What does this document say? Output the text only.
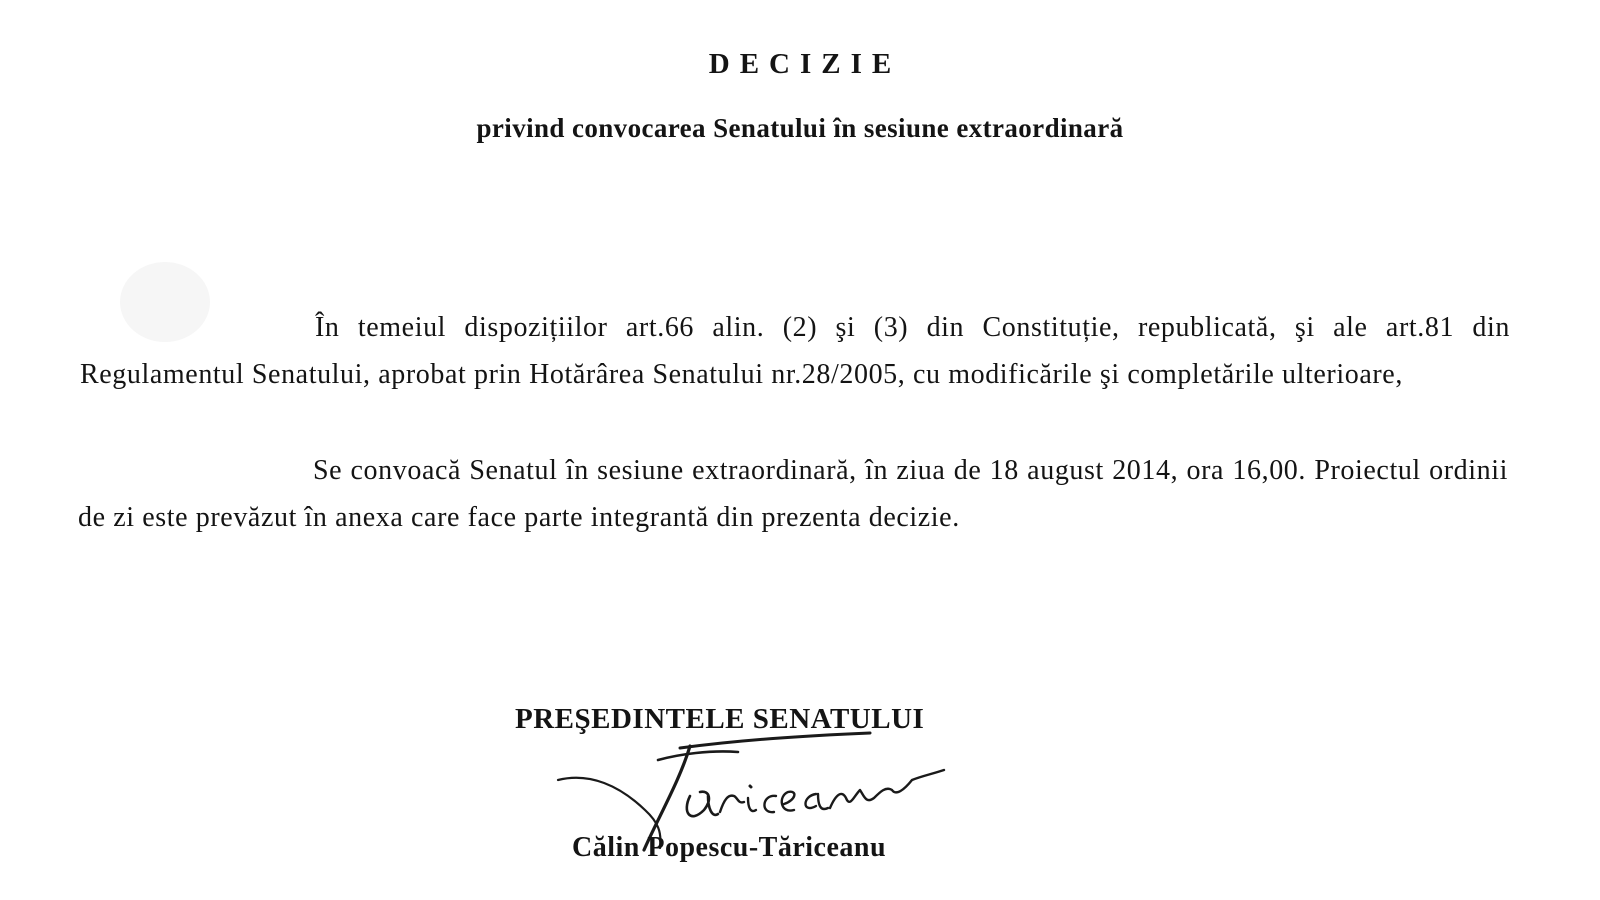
DECIZIE
privind convocarea Senatului în sesiune extraordinară

În temeiul dispozițiilor art.66 alin. (2) şi (3) din Constituție, republicată, şi ale art.81 din Regulamentul Senatului, aprobat prin Hotărârea Senatului nr.28/2005, cu modificările şi completările ulterioare,

Se convoacă Senatul în sesiune extraordinară, în ziua de 18 august 2014, ora 16,00. Proiectul ordinii de zi este prevăzut în anexa care face parte integrantă din prezenta decizie.

PREŞEDINTELE SENATULUI
Călin Popescu-Tăriceanu
